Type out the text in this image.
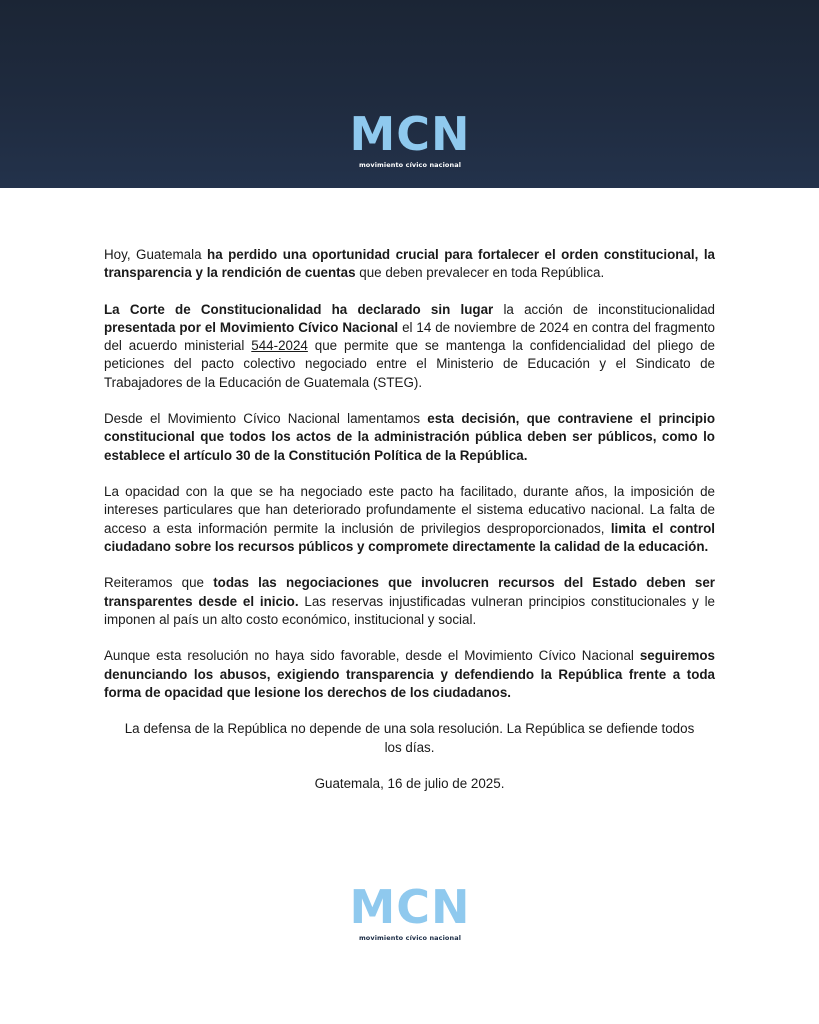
MCN
movimiento cívico nacional

Hoy, Guatemala ha perdido una oportunidad crucial para fortalecer el orden constitucional, la transparencia y la rendición de cuentas que deben prevalecer en toda República.

La Corte de Constitucionalidad ha declarado sin lugar la acción de inconstitucionalidad presentada por el Movimiento Cívico Nacional el 14 de noviembre de 2024 en contra del fragmento del acuerdo ministerial 544-2024 que permite que se mantenga la confidencialidad del pliego de peticiones del pacto colectivo negociado entre el Ministerio de Educación y el Sindicato de Trabajadores de la Educación de Guatemala (STEG).

Desde el Movimiento Cívico Nacional lamentamos esta decisión, que contraviene el principio constitucional que todos los actos de la administración pública deben ser públicos, como lo establece el artículo 30 de la Constitución Política de la República.

La opacidad con la que se ha negociado este pacto ha facilitado, durante años, la imposición de intereses particulares que han deteriorado profundamente el sistema educativo nacional. La falta de acceso a esta información permite la inclusión de privilegios desproporcionados, limita el control ciudadano sobre los recursos públicos y compromete directamente la calidad de la educación.

Reiteramos que todas las negociaciones que involucren recursos del Estado deben ser transparentes desde el inicio. Las reservas injustificadas vulneran principios constitucionales y le imponen al país un alto costo económico, institucional y social.

Aunque esta resolución no haya sido favorable, desde el Movimiento Cívico Nacional seguiremos denunciando los abusos, exigiendo transparencia y defendiendo la República frente a toda forma de opacidad que lesione los derechos de los ciudadanos.

La defensa de la República no depende de una sola resolución. La República se defiende todos los días.

Guatemala, 16 de julio de 2025.

MCN
movimiento cívico nacional
